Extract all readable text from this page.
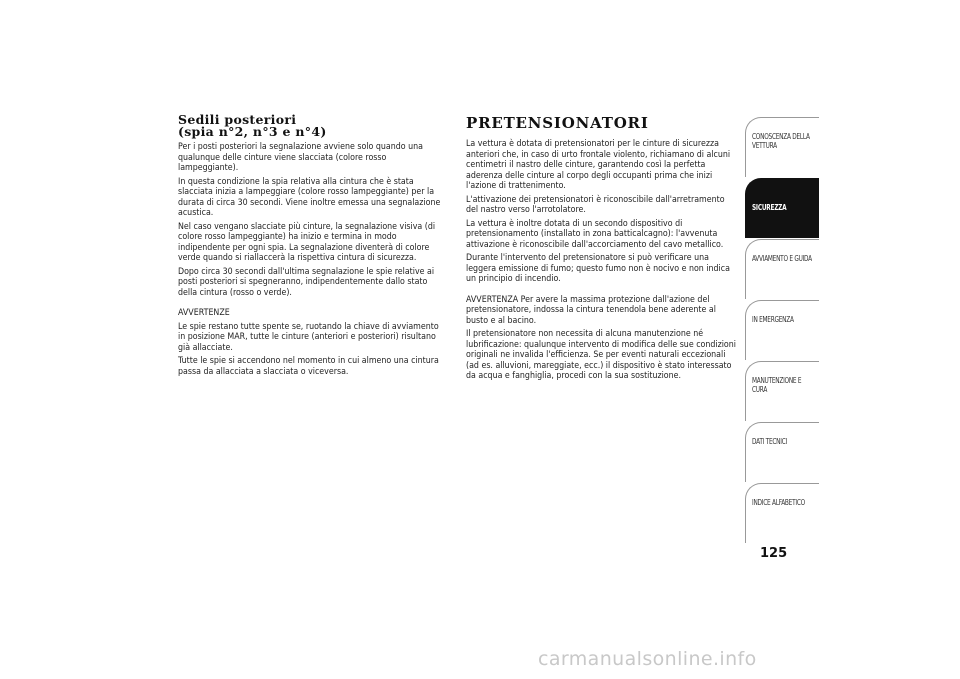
Sedili posteriori
(spia n°2, n°3 e n°4)

Per i posti posteriori la segnalazione avviene solo quando una qualunque delle cinture viene slacciata (colore rosso lampeggiante).

In questa condizione la spia relativa alla cintura che è stata slacciata inizia a lampeggiare (colore rosso lampeggiante) per la durata di circa 30 secondi. Viene inoltre emessa una segnalazione acustica.

Nel caso vengano slacciate più cinture, la segnalazione visiva (di colore rosso lampeggiante) ha inizio e termina in modo indipendente per ogni spia. La segnalazione diventerà di colore verde quando si riallaccerà la rispettiva cintura di sicurezza.

Dopo circa 30 secondi dall'ultima segnalazione le spie relative ai posti posteriori si spegneranno, indipendentemente dallo stato della cintura (rosso o verde).

AVVERTENZE

Le spie restano tutte spente se, ruotando la chiave di avviamento in posizione MAR, tutte le cinture (anteriori e posteriori) risultano già allacciate.

Tutte le spie si accendono nel momento in cui almeno una cintura passa da allacciata a slacciata o viceversa.

PRETENSIONATORI

La vettura è dotata di pretensionatori per le cinture di sicurezza anteriori che, in caso di urto frontale violento, richiamano di alcuni centimetri il nastro delle cinture, garantendo così la perfetta aderenza delle cinture al corpo degli occupanti prima che inizi l'azione di trattenimento.

L'attivazione dei pretensionatori è riconoscibile dall'arretramento del nastro verso l'arrotolatore.

La vettura è inoltre dotata di un secondo dispositivo di pretensionamento (installato in zona batticalcagno): l'avvenuta attivazione è riconoscibile dall'accorciamento del cavo metallico.

Durante l'intervento del pretensionatore si può verificare una leggera emissione di fumo; questo fumo non è nocivo e non indica un principio di incendio.

AVVERTENZA Per avere la massima protezione dall'azione del pretensionatore, indossa la cintura tenendola bene aderente al busto e al bacino.

Il pretensionatore non necessita di alcuna manutenzione né lubrificazione: qualunque intervento di modifica delle sue condizioni originali ne invalida l'efficienza. Se per eventi naturali eccezionali (ad es. alluvioni, mareggiate, ecc.) il dispositivo è stato interessato da acqua e fanghiglia, procedi con la sua sostituzione.

CONOSCENZA DELLA VETTURA
SICUREZZA
AVVIAMENTO E GUIDA
IN EMERGENZA
MANUTENZIONE E CURA
DATI TECNICI
INDICE ALFABETICO
125
carmanualsonline.info
